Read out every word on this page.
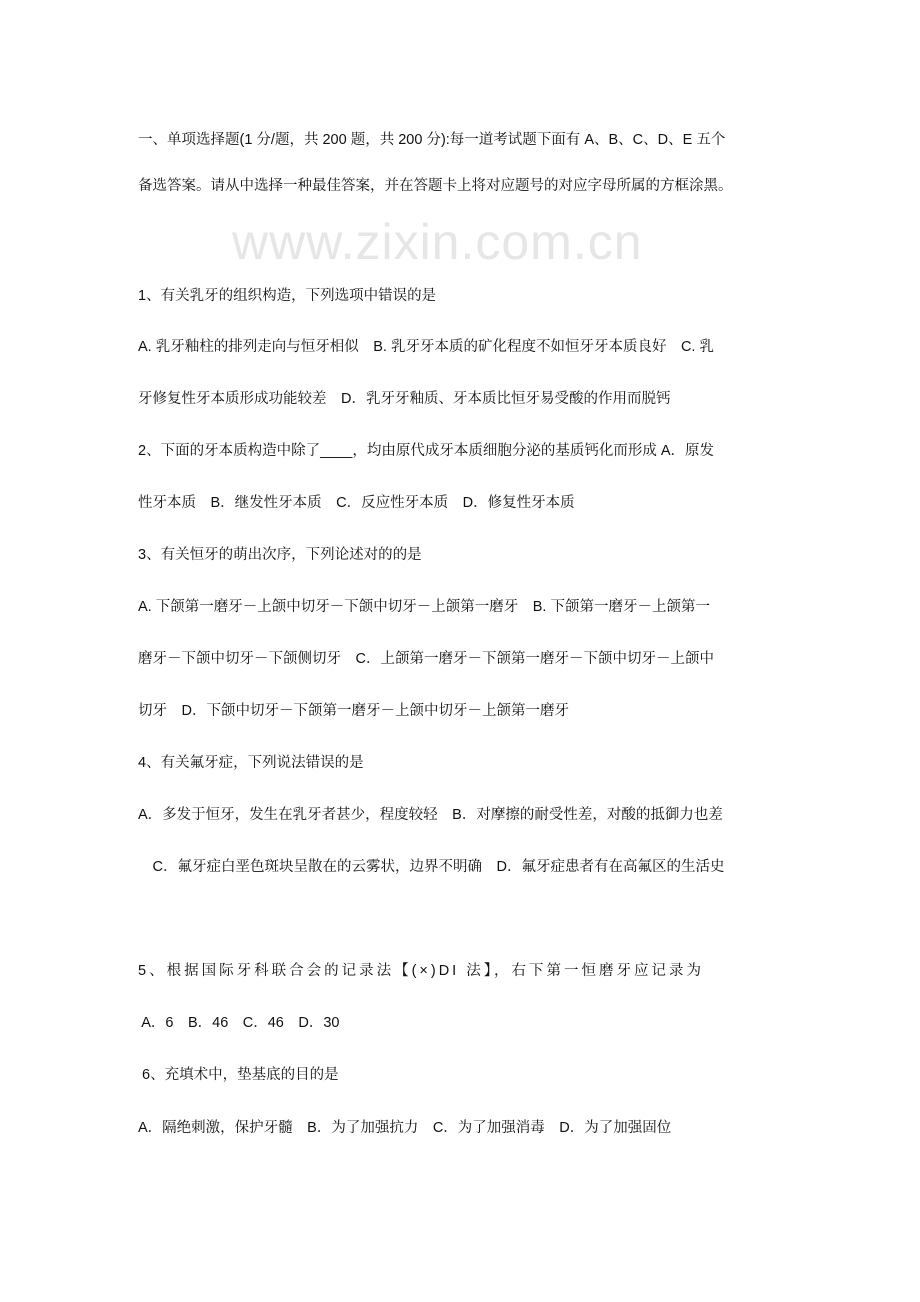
www.zixin.com.cn
一、单项选择题(1 分/题，共 200 题，共 200 分):每一道考试题下面有 A、B、C、D、E 五个
备选答案。请从中选择一种最佳答案，并在答题卡上将对应题号的对应字母所属的方框涂黑。
1、有关乳牙的组织构造，下列选项中错误的是
A. 乳牙釉柱的排列走向与恒牙相似　B. 乳牙牙本质的矿化程度不如恒牙牙本质良好　C. 乳
牙修复性牙本质形成功能较差　D．乳牙牙釉质、牙本质比恒牙易受酸的作用而脱钙
2、下面的牙本质构造中除了____，均由原代成牙本质细胞分泌的基质钙化而形成 A．原发
性牙本质　B．继发性牙本质　C．反应性牙本质　D．修复性牙本质
3、有关恒牙的萌出次序，下列论述对的的是
A. 下颌第一磨牙－上颌中切牙－下颌中切牙－上颌第一磨牙　B. 下颌第一磨牙－上颌第一
磨牙－下颌中切牙－下颌侧切牙　C．上颌第一磨牙－下颌第一磨牙－下颌中切牙－上颌中
切牙　D．下颌中切牙－下颌第一磨牙－上颌中切牙－上颌第一磨牙
4、有关氟牙症，下列说法错误的是
A．多发于恒牙，发生在乳牙者甚少，程度较轻　B．对摩擦的耐受性差，对酸的抵御力也差
　C．氟牙症白垩色斑块呈散在的云雾状，边界不明确　D．氟牙症患者有在高氟区的生活史
5、根据国际牙科联合会的记录法【(×)DI 法】，右下第一恒磨牙应记录为
A．6　B．46　C．46　D．30
6、充填术中，垫基底的目的是
A．隔绝刺激，保护牙髓　B．为了加强抗力　C．为了加强消毒　D．为了加强固位
